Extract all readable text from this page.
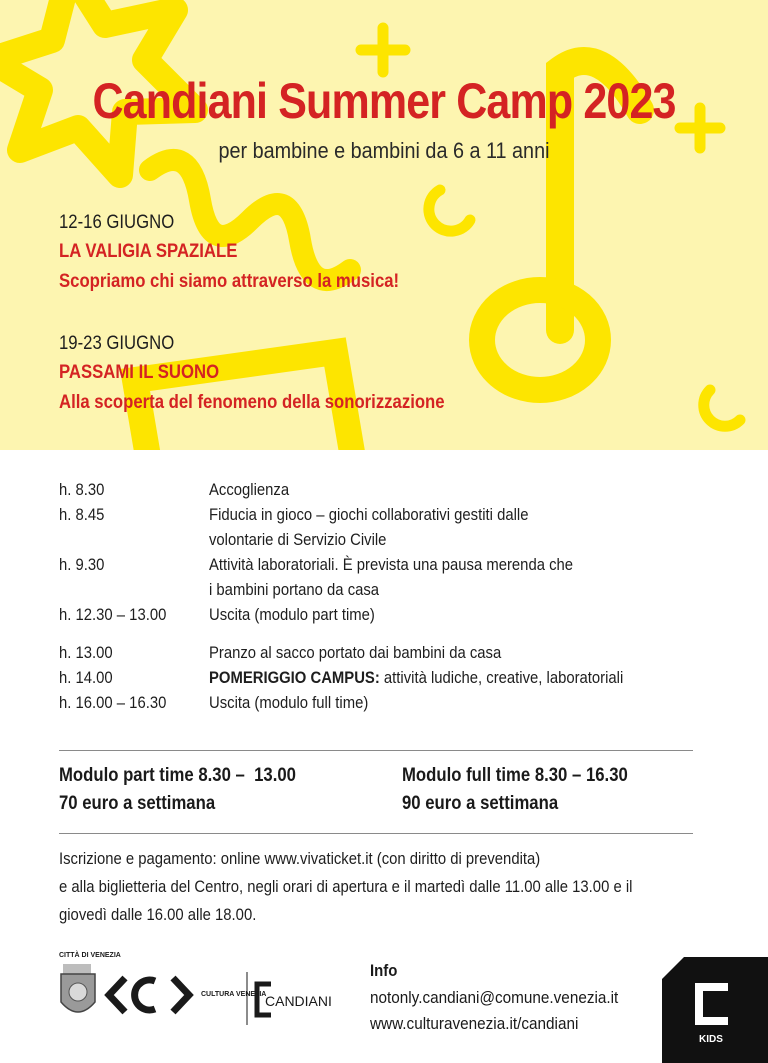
Candiani Summer Camp 2023
per bambine e bambini da 6 a 11 anni
12-16 GIUGNO
LA VALIGIA SPAZIALE
Scopriamo chi siamo attraverso la musica!
19-23 GIUGNO
PASSAMI IL SUONO
Alla scoperta del fenomeno della sonorizzazione
h. 8.30	Accoglienza
h. 8.45	Fiducia in gioco – giochi collaborativi gestiti dalle
volontarie di Servizio Civile
h. 9.30	Attività laboratoriali. È prevista una pausa merenda che
i bambini portano da casa
h. 12.30 – 13.00	Uscita (modulo part time)
h. 13.00	Pranzo al sacco portato dai bambini da casa
h. 14.00	POMERIGGIO CAMPUS: attività ludiche, creative, laboratoriali
h. 16.00 – 16.30	Uscita (modulo full time)
Modulo part time 8.30 –  13.00
70 euro a settimana
Modulo full time 8.30 – 16.30
90 euro a settimana
Iscrizione e pagamento: online www.vivaticket.it (con diritto di prevendita)
e alla biglietteria del Centro, negli orari di apertura e il martedì dalle 11.00 alle 13.00 e il
giovedì dalle 16.00 alle 18.00.
CITTÀ DI VENEZIA
CULTURA VENEZIA
CANDIANI
Info
notonly.candiani@comune.venezia.it
www.culturavenezia.it/candiani
KIDS
